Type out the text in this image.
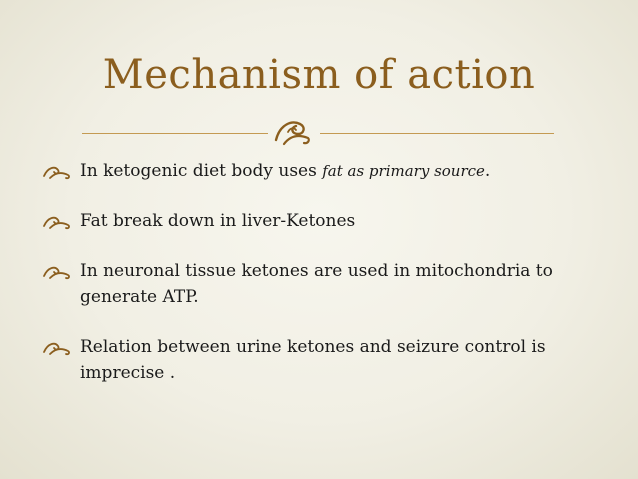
Mechanism of action
In ketogenic diet body uses fat as primary source.
Fat break down in liver-Ketones
In neuronal tissue ketones are used in mitochondria to generate ATP.
Relation between urine ketones and seizure control is imprecise .
